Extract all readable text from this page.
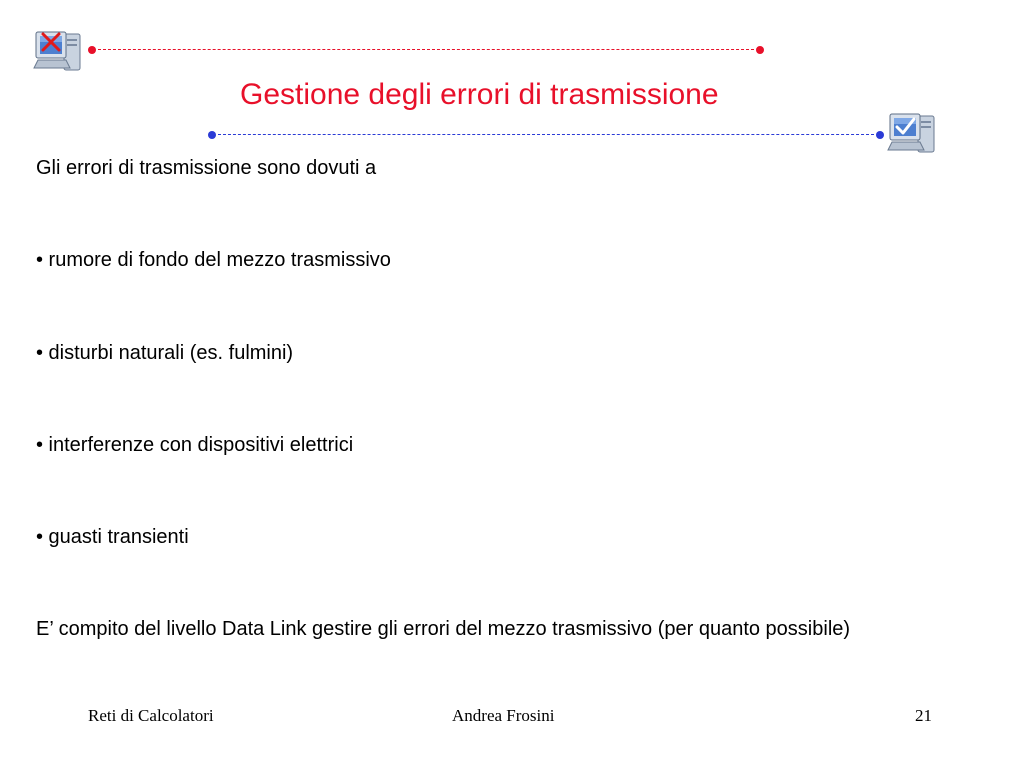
Gestione degli errori di trasmissione
Gli errori di trasmissione sono dovuti a
• rumore di fondo del mezzo trasmissivo
• disturbi naturali (es. fulmini)
• interferenze con dispositivi elettrici
• guasti transienti
E’ compito del livello Data Link gestire gli errori del mezzo trasmissivo (per quanto possibile)
Reti di Calcolatori	Andrea Frosini	21
